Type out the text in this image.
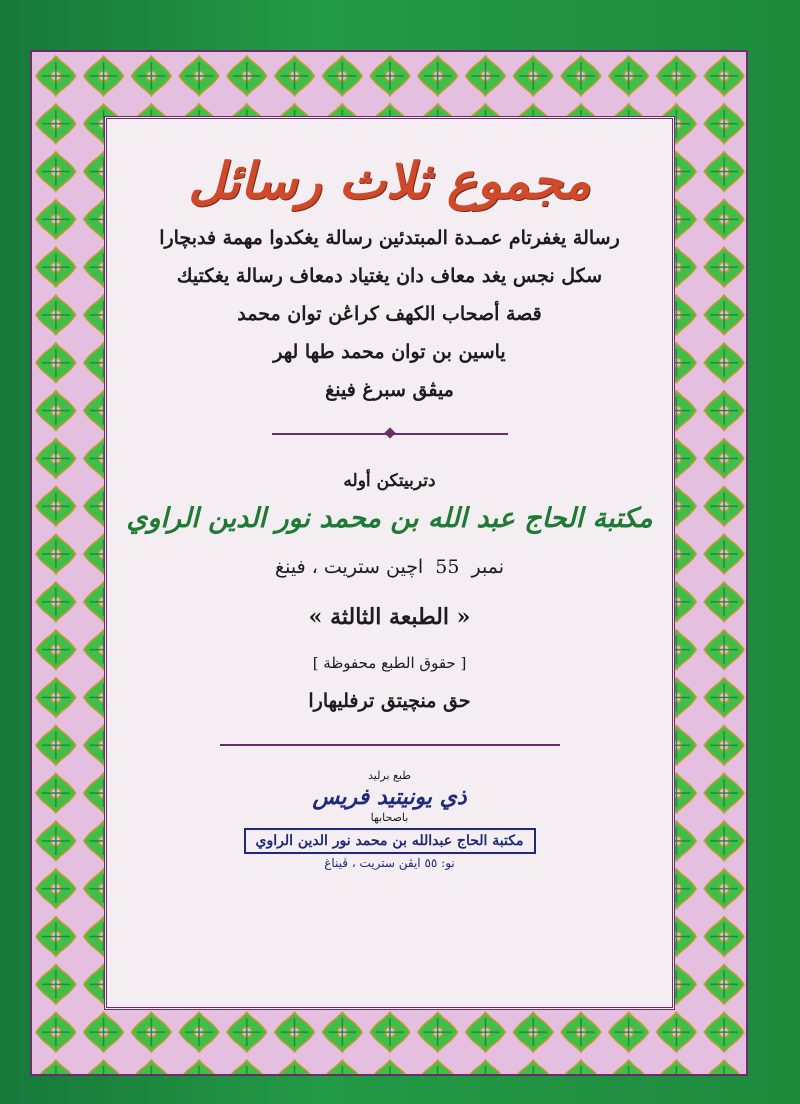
مجموع ثلاث رسائل
رسالة يغفرتام عمـدة المبتدئين رسالة يغكدوا مهمة فدبچارا
سكل نجس يغد معاف دان يغتياد دمعاف رسالة يغكتيك
قصة أصحاب الكهف كراڠن توان محمد
ياسين بن توان محمد طها لهر
ميڤق سبرغ فينغ
دتربيتكن أوله
مكتبة الحاج عبد الله بن محمد نور الدين الراوي
نمبر 55 اچين ستريت ، فينغ
« الطبعة الثالثة »
[ حقوق الطبع محفوظة ]
حق منچيتق ترفليهارا
طبع برليد
ذي يونيتيد فريس
باصحابها
مكتبة الحاج عبدالله بن محمد نور الدين الراوي
نو: ٥٥ ايڤن ستريت ، ڤيناغ
